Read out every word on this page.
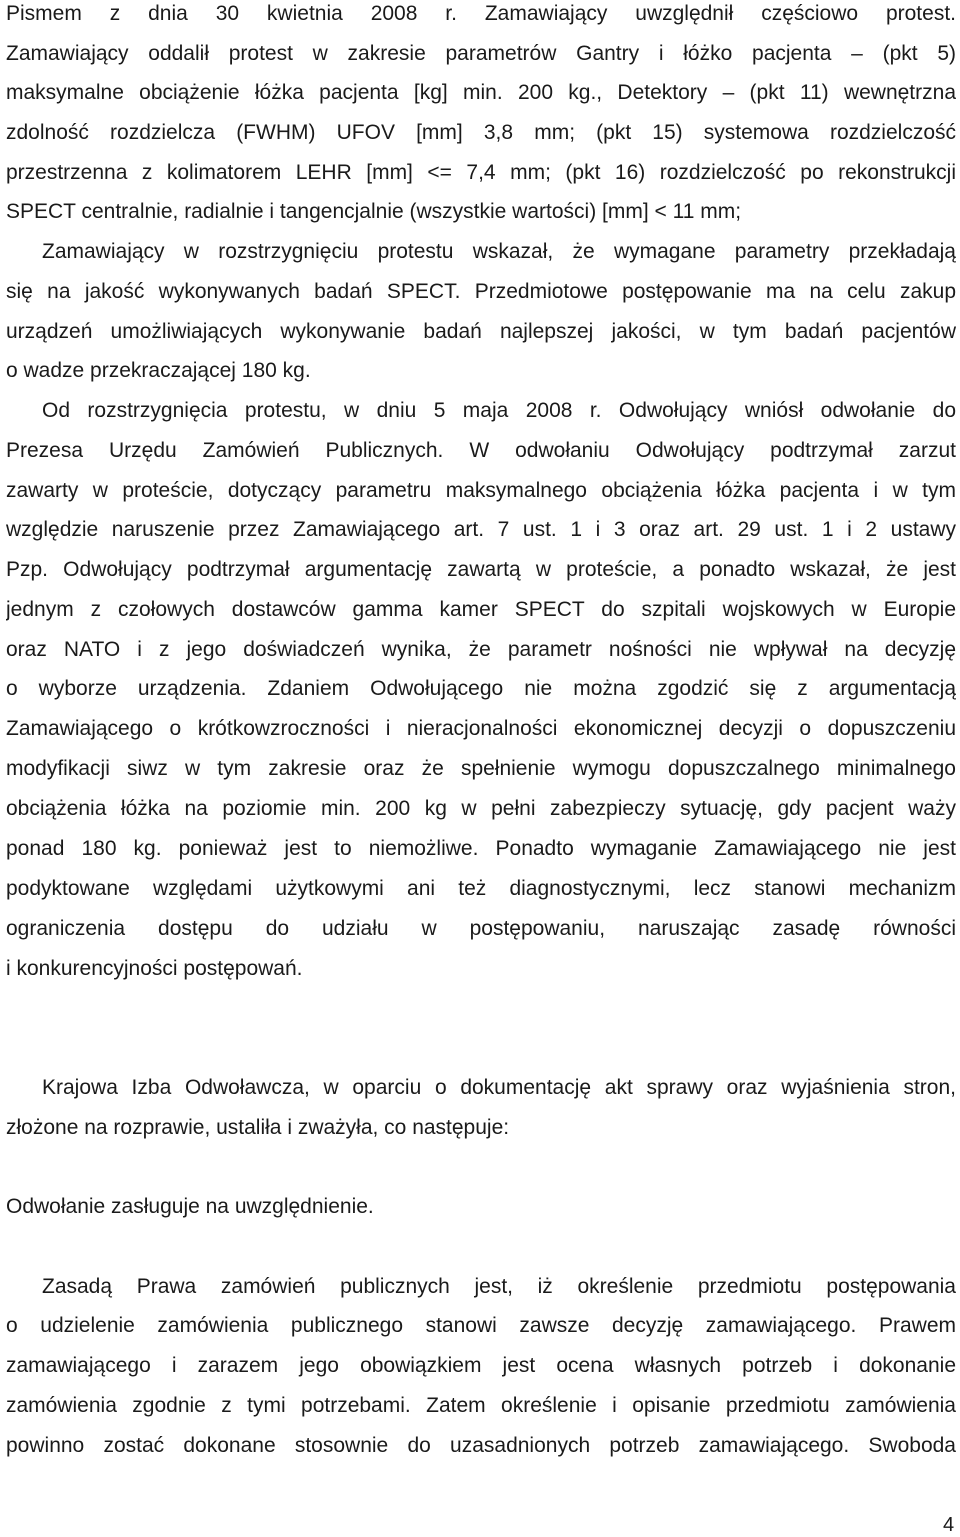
Pismem z dnia 30 kwietnia 2008 r. Zamawiający uwzględnił częściowo protest.
Zamawiający oddalił protest w zakresie parametrów Gantry i łóżko pacjenta – (pkt 5)
maksymalne obciążenie łóżka pacjenta [kg] min. 200 kg., Detektory – (pkt 11) wewnętrzna
zdolność rozdzielcza (FWHM) UFOV [mm] 3,8 mm; (pkt 15) systemowa rozdzielczość
przestrzenna z kolimatorem LEHR [mm] <= 7,4 mm; (pkt 16) rozdzielczość po rekonstrukcji
SPECT centralnie, radialnie i tangencjalnie (wszystkie wartości) [mm] < 11 mm;
Zamawiający w rozstrzygnięciu protestu wskazał, że wymagane parametry przekładają
się na jakość wykonywanych badań SPECT. Przedmiotowe postępowanie ma na celu zakup
urządzeń umożliwiających wykonywanie badań najlepszej jakości, w tym badań pacjentów
o wadze przekraczającej 180 kg.
Od rozstrzygnięcia protestu, w dniu 5 maja 2008 r. Odwołujący wniósł odwołanie do
Prezesa Urzędu Zamówień Publicznych. W odwołaniu Odwołujący podtrzymał zarzut
zawarty w proteście, dotyczący parametru maksymalnego obciążenia łóżka pacjenta i w tym
względzie naruszenie przez Zamawiającego art. 7 ust. 1 i 3 oraz art. 29 ust. 1 i 2 ustawy
Pzp. Odwołujący podtrzymał argumentację zawartą w proteście, a ponadto wskazał, że jest
jednym z czołowych dostawców gamma kamer SPECT do szpitali wojskowych w Europie
oraz NATO i z jego doświadczeń wynika, że parametr nośności nie wpływał na decyzję
o wyborze urządzenia. Zdaniem Odwołującego nie można zgodzić się z argumentacją
Zamawiającego o krótkowzroczności i nieracjonalności ekonomicznej decyzji o dopuszczeniu
modyfikacji siwz w tym zakresie oraz że spełnienie wymogu dopuszczalnego minimalnego
obciążenia łóżka na poziomie min. 200 kg w pełni zabezpieczy sytuację, gdy pacjent waży
ponad 180 kg. ponieważ jest to niemożliwe. Ponadto wymaganie Zamawiającego nie jest
podyktowane względami użytkowymi ani też diagnostycznymi, lecz stanowi mechanizm
ograniczenia dostępu do udziału w postępowaniu, naruszając zasadę równości
i konkurencyjności postępowań.
Krajowa Izba Odwoławcza, w oparciu o dokumentację akt sprawy oraz wyjaśnienia stron,
złożone na rozprawie, ustaliła i zważyła, co następuje:
Odwołanie zasługuje na uwzględnienie.
Zasadą Prawa zamówień publicznych jest, iż określenie przedmiotu postępowania
o udzielenie zamówienia publicznego stanowi zawsze decyzję zamawiającego. Prawem
zamawiającego i zarazem jego obowiązkiem jest ocena własnych potrzeb i dokonanie
zamówienia zgodnie z tymi potrzebami. Zatem określenie i opisanie przedmiotu zamówienia
powinno zostać dokonane stosownie do uzasadnionych potrzeb zamawiającego. Swoboda
4
